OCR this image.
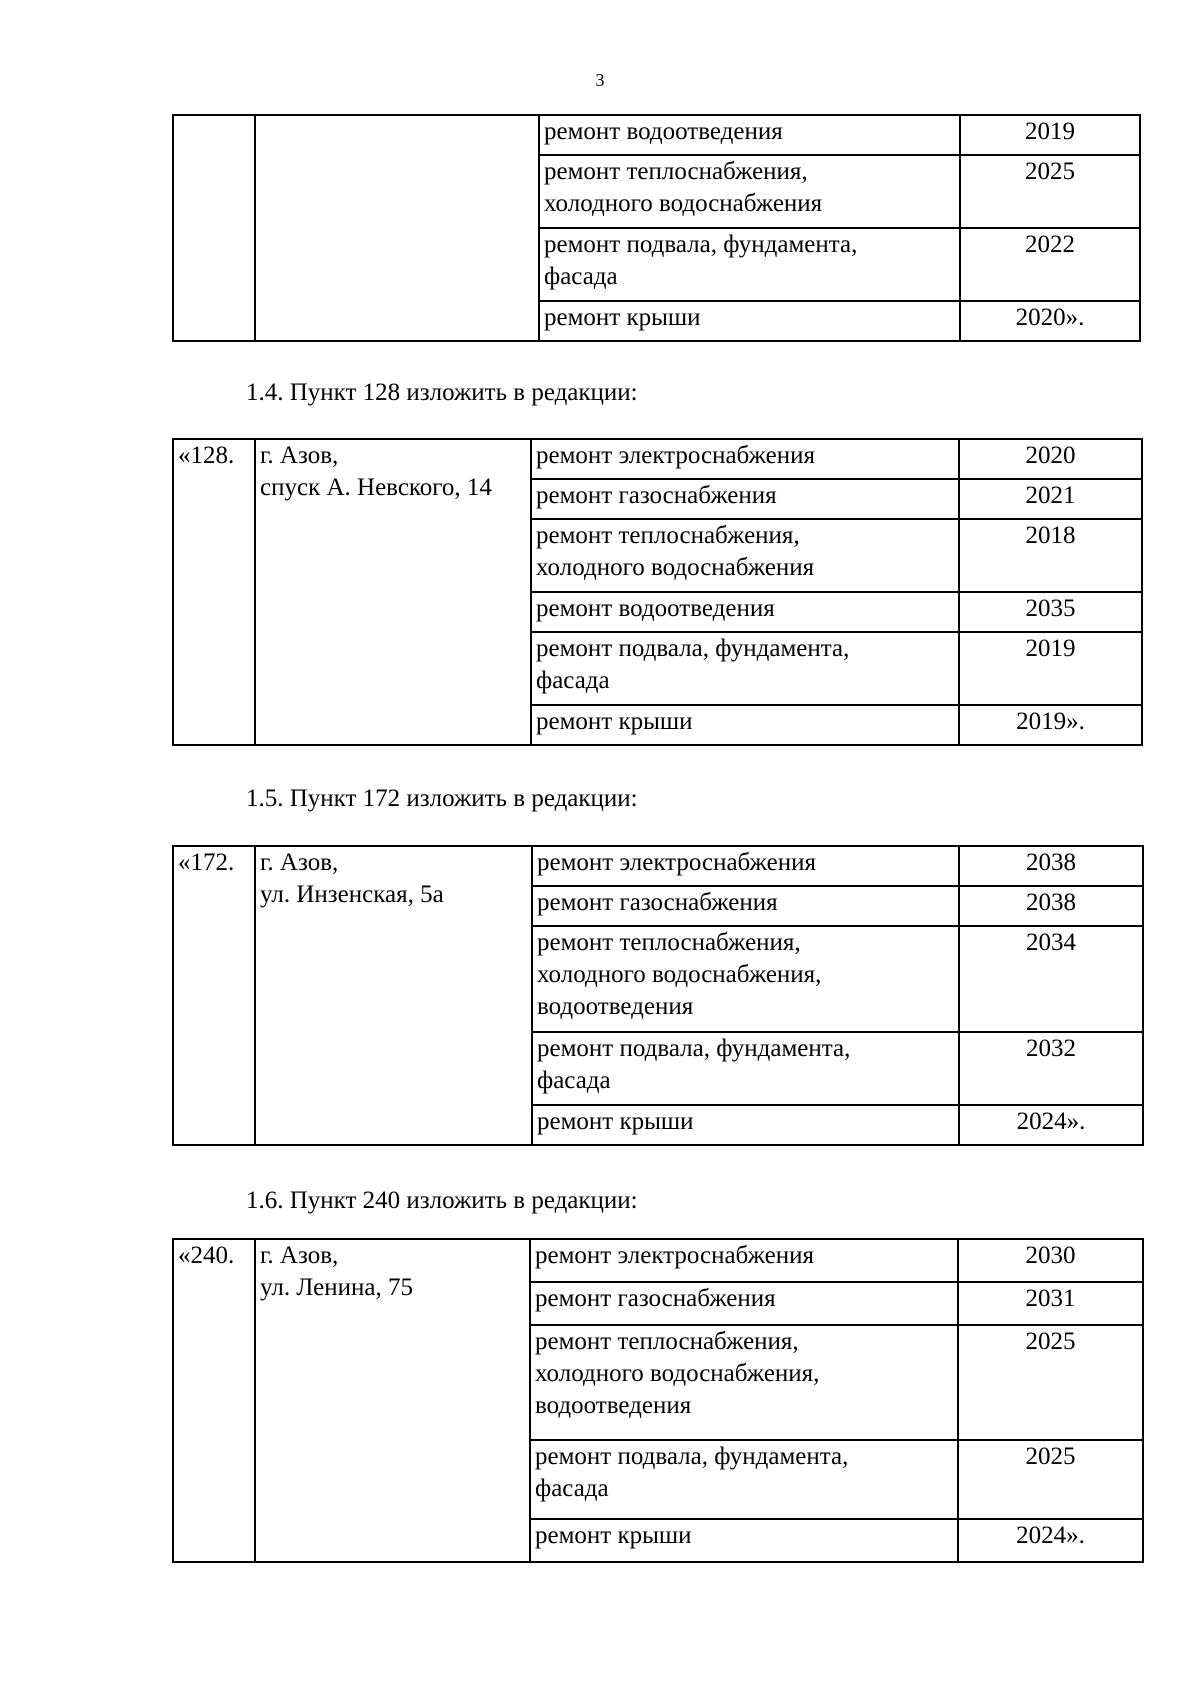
3

		ремонт водоотведения	2019

		ремонт теплоснабжения,
холодного водоснабжения	2025

		ремонт подвала, фундамента,
фасада	2022

		ремонт крыши	2020».
1.4. Пункт 128 изложить в редакции:
«128.	г. Азов,
спуск А. Невского, 14	ремонт электроснабжения	2020

		ремонт газоснабжения	2021

		ремонт теплоснабжения,
холодного водоснабжения	2018

		ремонт водоотведения	2035

		ремонт подвала, фундамента,
фасада	2019

		ремонт крыши	2019».
1.5. Пункт 172 изложить в редакции:
«172.	г. Азов,
ул. Инзенская, 5а	ремонт электроснабжения	2038

		ремонт газоснабжения	2038

		ремонт теплоснабжения,
холодного водоснабжения,
водоотведения	2034

		ремонт подвала, фундамента,
фасада	2032

		ремонт крыши	2024».
1.6. Пункт 240 изложить в редакции:
«240.	г. Азов,
ул. Ленина, 75	ремонт электроснабжения	2030

		ремонт газоснабжения	2031

		ремонт теплоснабжения,
холодного водоснабжения,
водоотведения	2025

		ремонт подвала, фундамента,
фасада	2025

		ремонт крыши	2024».
